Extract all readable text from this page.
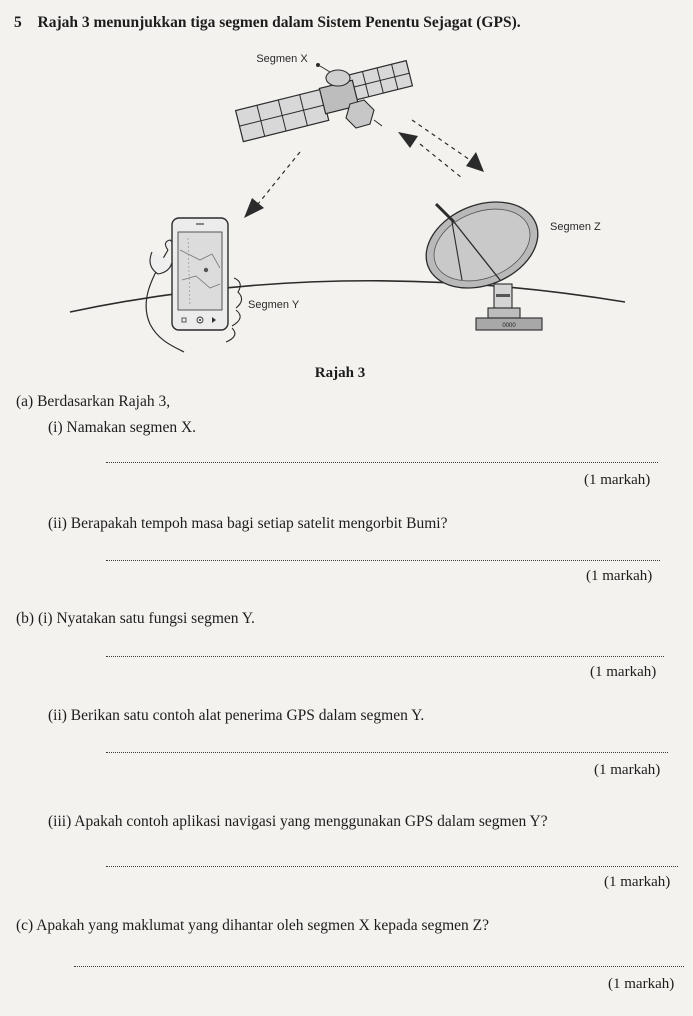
5 Rajah 3 menunjukkan tiga segmen dalam Sistem Penentu Sejagat (GPS).
0000
Segmen X
Segmen Z
Segmen Y
Rajah 3
(a) Berdasarkan Rajah 3,
(i) Namakan segmen X.
(1 markah)
(ii) Berapakah tempoh masa bagi setiap satelit mengorbit Bumi?
(1 markah)
(b) (i) Nyatakan satu fungsi segmen Y.
(1 markah)
(ii) Berikan satu contoh alat penerima GPS dalam segmen Y.
(1 markah)
(iii) Apakah contoh aplikasi navigasi yang menggunakan GPS dalam segmen Y?
(1 markah)
(c) Apakah yang maklumat yang dihantar oleh segmen X kepada segmen Z?
(1 markah)
